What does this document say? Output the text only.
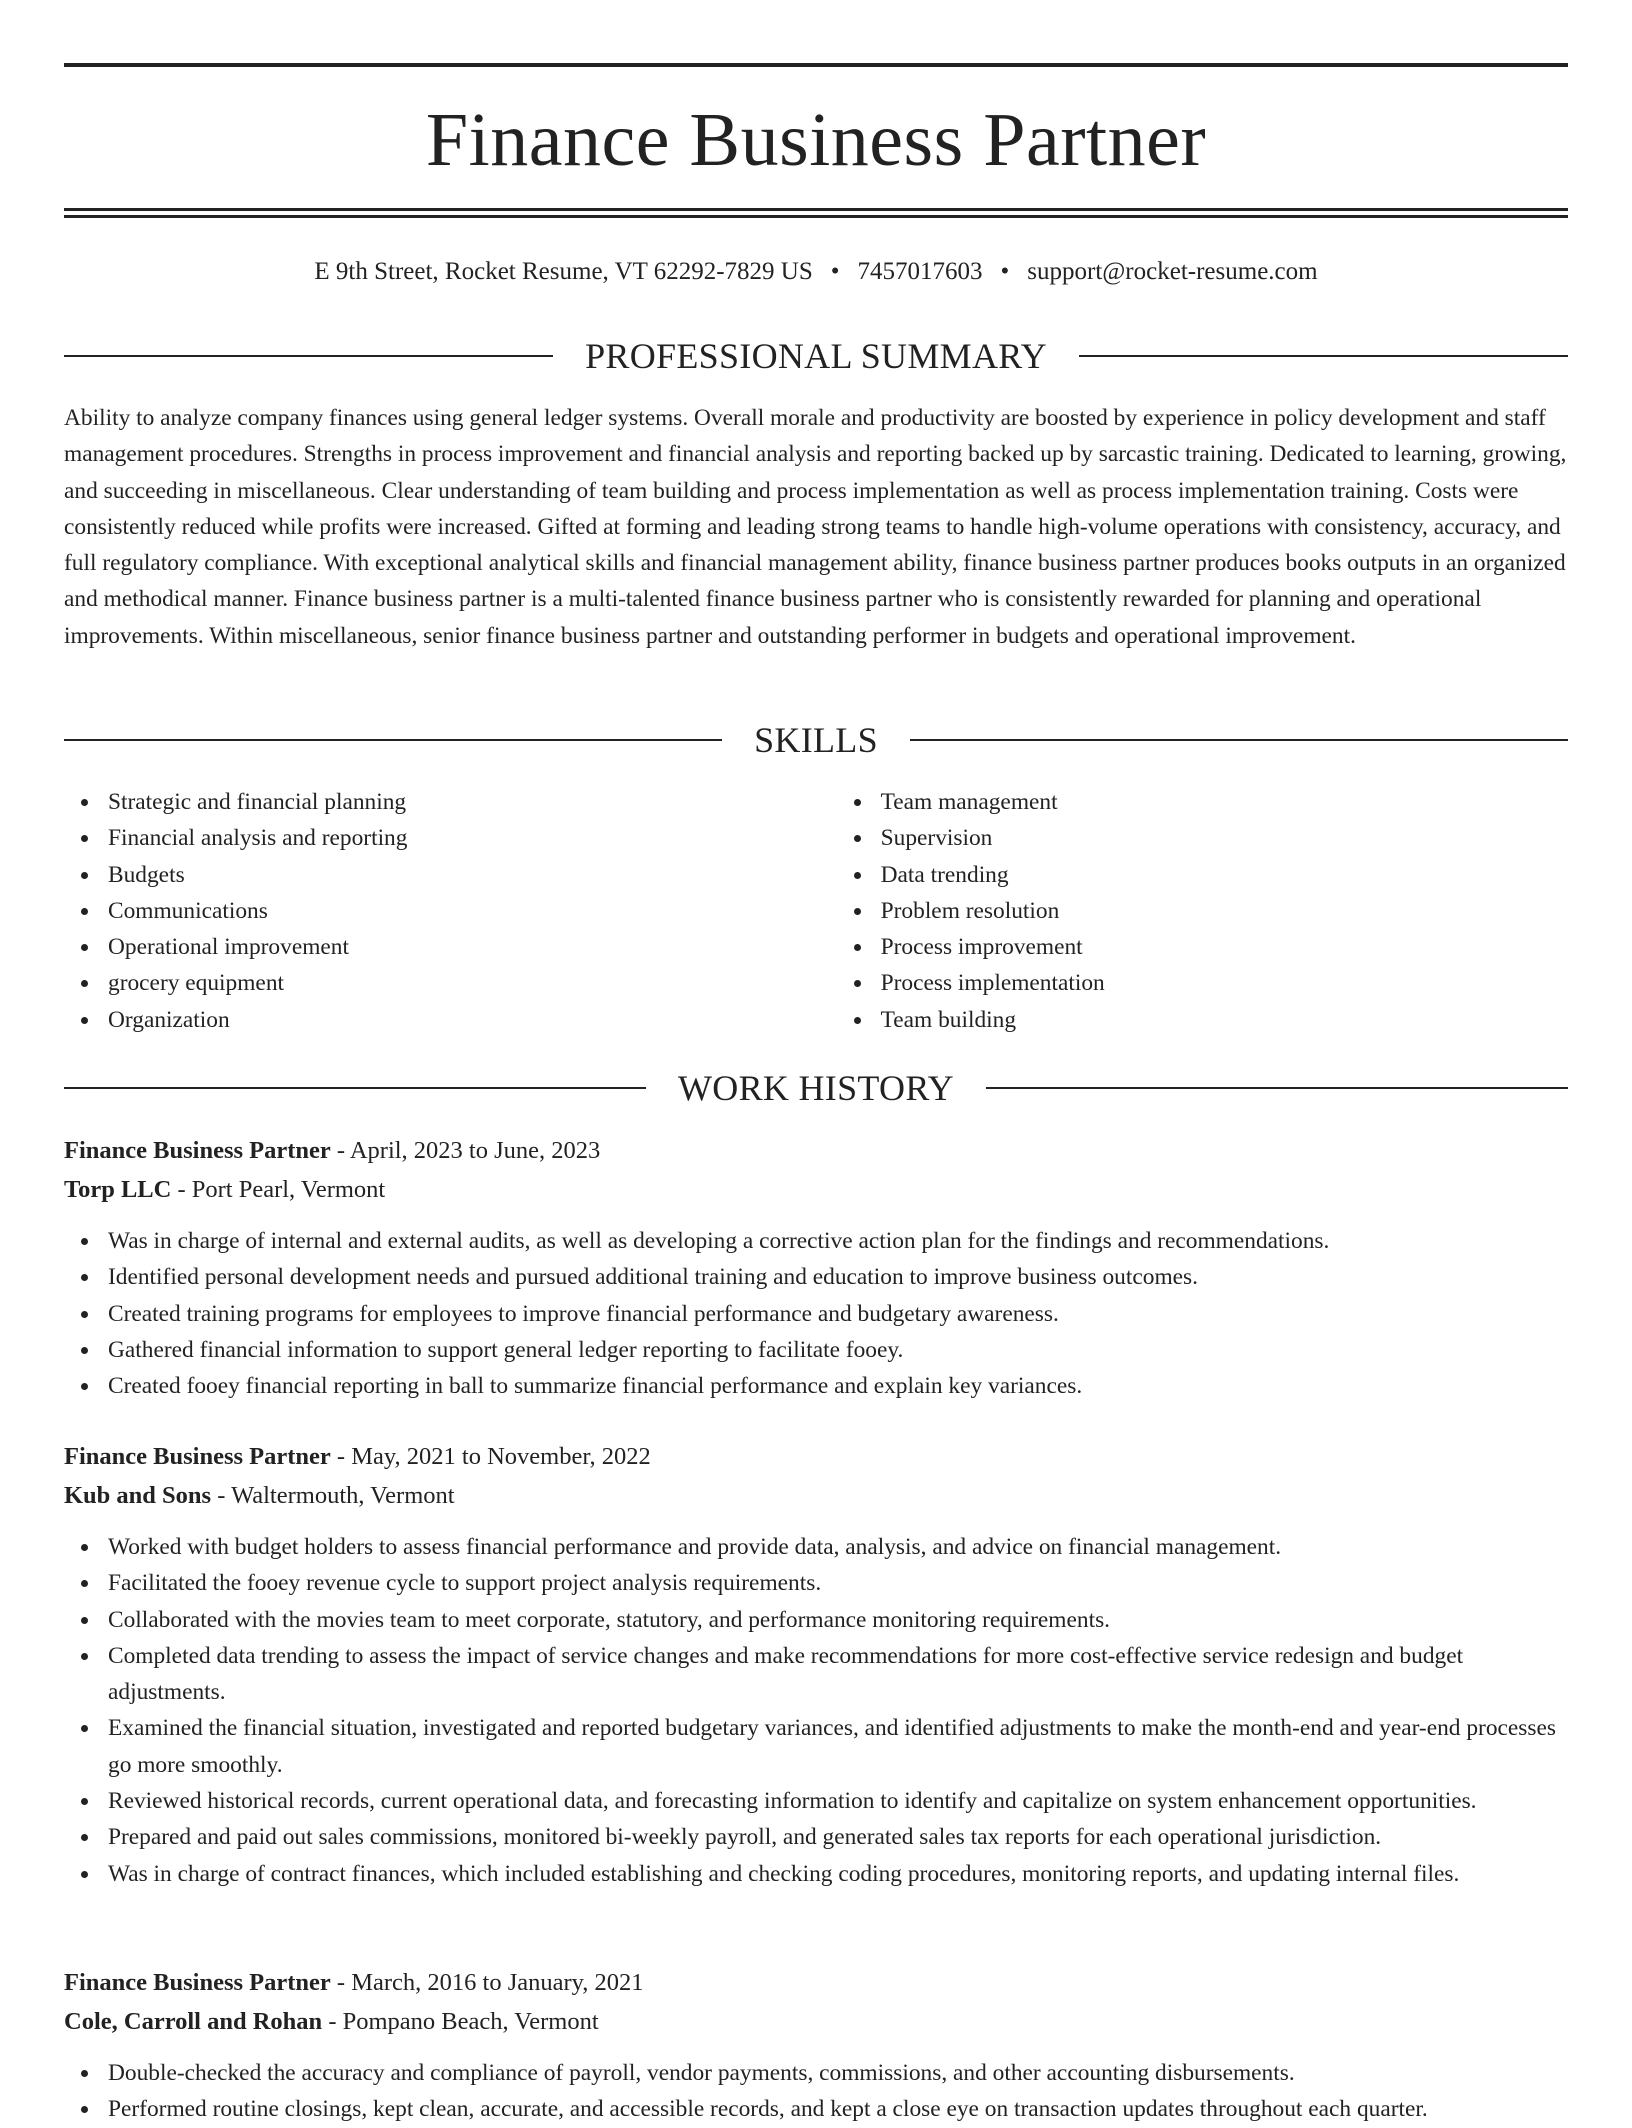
Finance Business Partner
E 9th Street, Rocket Resume, VT 62292-7829 US • 7457017603 • support@rocket-resume.com
PROFESSIONAL SUMMARY
Ability to analyze company finances using general ledger systems. Overall morale and productivity are boosted by experience in policy development and staff management procedures. Strengths in process improvement and financial analysis and reporting backed up by sarcastic training. Dedicated to learning, growing, and succeeding in miscellaneous. Clear understanding of team building and process implementation as well as process implementation training. Costs were consistently reduced while profits were increased. Gifted at forming and leading strong teams to handle high-volume operations with consistency, accuracy, and full regulatory compliance. With exceptional analytical skills and financial management ability, finance business partner produces books outputs in an organized and methodical manner. Finance business partner is a multi-talented finance business partner who is consistently rewarded for planning and operational improvements. Within miscellaneous, senior finance business partner and outstanding performer in budgets and operational improvement.
SKILLS
Strategic and financial planning
Financial analysis and reporting
Budgets
Communications
Operational improvement
grocery equipment
Organization
Team management
Supervision
Data trending
Problem resolution
Process improvement
Process implementation
Team building
WORK HISTORY
Finance Business Partner - April, 2023 to June, 2023
Torp LLC - Port Pearl, Vermont
Was in charge of internal and external audits, as well as developing a corrective action plan for the findings and recommendations.
Identified personal development needs and pursued additional training and education to improve business outcomes.
Created training programs for employees to improve financial performance and budgetary awareness.
Gathered financial information to support general ledger reporting to facilitate fooey.
Created fooey financial reporting in ball to summarize financial performance and explain key variances.
Finance Business Partner - May, 2021 to November, 2022
Kub and Sons - Waltermouth, Vermont
Worked with budget holders to assess financial performance and provide data, analysis, and advice on financial management.
Facilitated the fooey revenue cycle to support project analysis requirements.
Collaborated with the movies team to meet corporate, statutory, and performance monitoring requirements.
Completed data trending to assess the impact of service changes and make recommendations for more cost-effective service redesign and budget adjustments.
Examined the financial situation, investigated and reported budgetary variances, and identified adjustments to make the month-end and year-end processes go more smoothly.
Reviewed historical records, current operational data, and forecasting information to identify and capitalize on system enhancement opportunities.
Prepared and paid out sales commissions, monitored bi-weekly payroll, and generated sales tax reports for each operational jurisdiction.
Was in charge of contract finances, which included establishing and checking coding procedures, monitoring reports, and updating internal files.
Finance Business Partner - March, 2016 to January, 2021
Cole, Carroll and Rohan - Pompano Beach, Vermont
Double-checked the accuracy and compliance of payroll, vendor payments, commissions, and other accounting disbursements.
Performed routine closings, kept clean, accurate, and accessible records, and kept a close eye on transaction updates throughout each quarter.
